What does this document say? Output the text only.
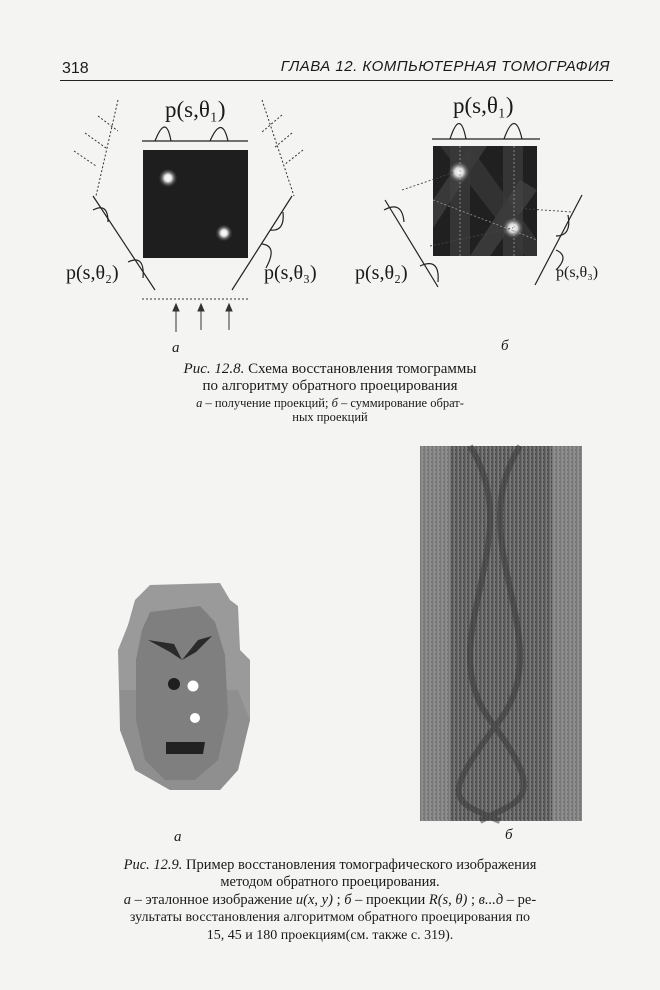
318	ГЛАВА 12. КОМПЬЮТЕРНАЯ ТОМОГРАФИЯ
p(s,θ₁)	p(s,θ₁)
p(s,θ₂)	p(s,θ₃) p(s,θ₂)	p(s,θ₃)
а	б
Рис. 12.8. Схема восстановления томограммы
по алгоритму обратного проецирования
а – получение проекций; б – суммирование обрат-
ных проекций
а	б
Рис. 12.9. Пример восстановления томографического изображения
методом обратного проецирования.
а – эталонное изображение u(x, y) ; б – проекции R(s, θ) ; в...д – ре-
зультаты восстановления алгоритмом обратного проецирования по
15, 45 и 180 проекциям(см. также с. 319).
